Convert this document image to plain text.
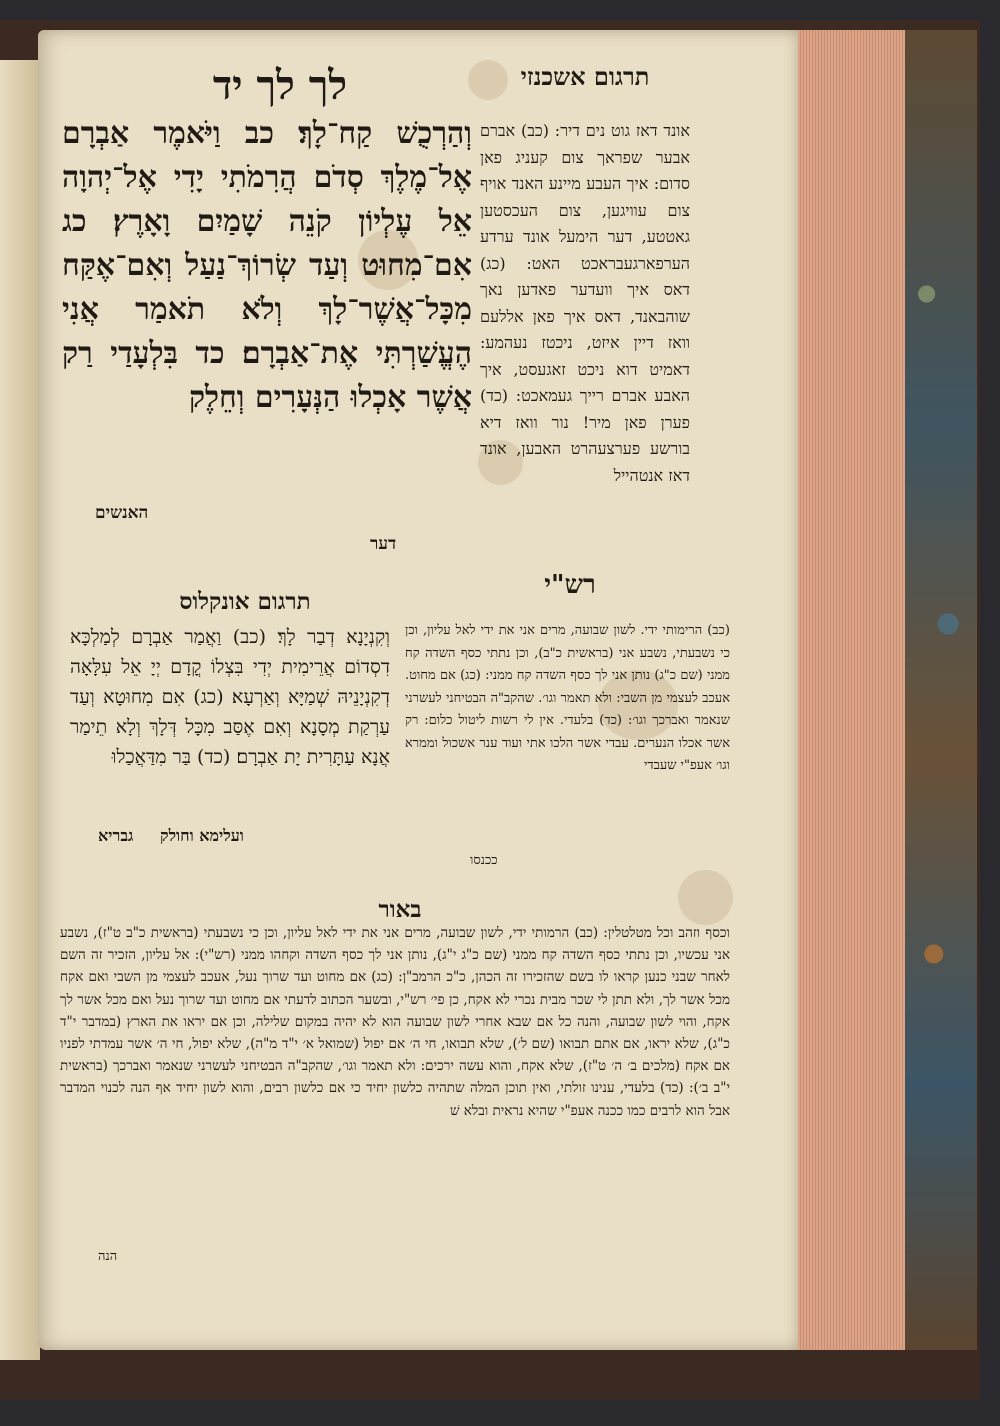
תרגום אשכנזי
לך לך יד
וְהַרְכֻשׁ קַח־לָךְ׃ כב וַיֹּאמֶר אַבְרָם אֶל־מֶלֶךְ סְדֹם הֲרִמֹתִי יָדִי אֶל־יְהוָה אֵל עֶלְיוֹן קֹנֵה שָׁמַיִם וָאָרֶץ׃ כג אִם־מִחוּט וְעַד שְׂרוֹךְ־נַעַל וְאִם־אֶקַּח מִכָּל־אֲשֶׁר־לָךְ וְלֹא תֹאמַר אֲנִי הֶעֱשַׁרְתִּי אֶת־אַבְרָם׃ כד בִּלְעָדַי רַק אֲשֶׁר אָכְלוּ הַנְּעָרִים וְחֵלֶק
האנשים
דער
אונד דאז גוט נים דיר: (כב) אברם אבער שפראך צום קעניג פאן סדום: איך העבע מיינע האנד אויף צום עוויגען, צום העכסטען גאטטע, דער הימעל אונד ערדע הערפארגעבראכט האט: (כג) דאס איך וועדער פאדען נאך שוהבאנד, דאס איך פאן אללעם וואז דיין איזט, ניכטז נעהמע: דאמיט דוא ניכט זאגעסט, איך האבע אברם רייך געמאכט: (כד) פערן פאן מיר! נור וואז דיא בורשע פערצעהרט האבען, אונד דאז אנטהייל
תרגום אונקלוס
רש"י
וְקִנְיָנָא דְבַר לָךְ׃ (כב) וַאֲמַר אַבְרָם לְמַלְכָּא דִסְדוֹם אֲרֵימִית יְדִי בִּצְלוֹ קֳדָם יְיָ אֵל עִלָּאָה דְקִנְיָנֵיהּ שְׁמַיָּא וְאַרְעָא׃ (כג) אִם מִחוּטָא וְעַד עַרְקַת מְסָנָא וְאִם אֶסַּב מִכָּל דְּלָךְ וְלָא תֵימַר אֲנָא עַתָּרִית יָת אַבְרָם׃ (כד) בַּר מִדַּאֲכַלוּ
גבריא ועלימא וחולק
(כב) הרימותי ידי. לשון שבועה, מרים אני את ידי לאל עליון, וכן כי נשבעתי, נשבע אני (בראשית כ"ב), וכן נתתי כסף השדה קח ממני (שם כ"ג) נותן אני לך כסף השדה קח ממני: (כג) אם מחוט. אעכב לעצמי מן השבי: ולא תאמר וגו׳. שהקב"ה הבטיחני לעשרני שנאמר ואברכך וגו׳: (כד) בלעדי. אין לי רשות ליטול כלום: רק אשר אכלו הנערים. עבדי אשר הלכו אתי ועוד ענר אשכול וממרא וגו׳ אעפ"י שעבדי
ככנסו
באור
וכסף וזהב וכל מטלטלין: (כב) הרמותי ידי, לשון שבועה, מרים אני את ידי לאל עליון, וכן כי נשבעתי (בראשית כ"ב ט"ז), נשבע אני עכשיו, וכן נתתי כסף השדה קח ממני (שם כ"ג י"ג), נותן אני לך כסף השדה וקחהו ממני (רש"י): אל עליון, הזכיר זה השם לאחר שבני כנען קראו לו בשם שהזכירו זה הכהן, כ"כ הרמב"ן: (כג) אם מחוט ועד שרוך נעל, אעכב לעצמי מן השבי ואם אקח מכל אשר לך, ולא תתן לי שכר מבית נכרי לא אקח, כן פי׳ רש"י, ובשער הכתוב לדעתי אם מחוט ועד שרוך נעל ואם מכל אשר לך אקח, והוי לשון שבועה, והנה כל אם שבא אחרי לשון שבועה הוא לא יהיה במקום שלילה, וכן אם יראו את הארץ (במדבר י"ד כ"ג), שלא יראו, אם אתם תבואו (שם ל׳), שלא תבואו, חי ה׳ אם יפול (שמואל א׳ י"ד מ"ה), שלא יפול, חי ה׳ אשר עמדתי לפניו אם אקח (מלכים ב׳ ה׳ ט"ז), שלא אקח, והוא עשה ירכים: ולא תאמר וגו׳, שהקב"ה הבטיחני לעשרני שנאמר ואברכך (בראשית י"ב ב׳): (כד) בלעדי, ענינו זולתי, ואין תוכן המלה שתהיה כלשון יחיד כי אם כלשון רבים, והוא לשון יחיד אף הנה לכנוי המדבר אבל הוא לרבים כמו ככנה אעפ"י שהיא נראית ובלא שׁ
הנה
